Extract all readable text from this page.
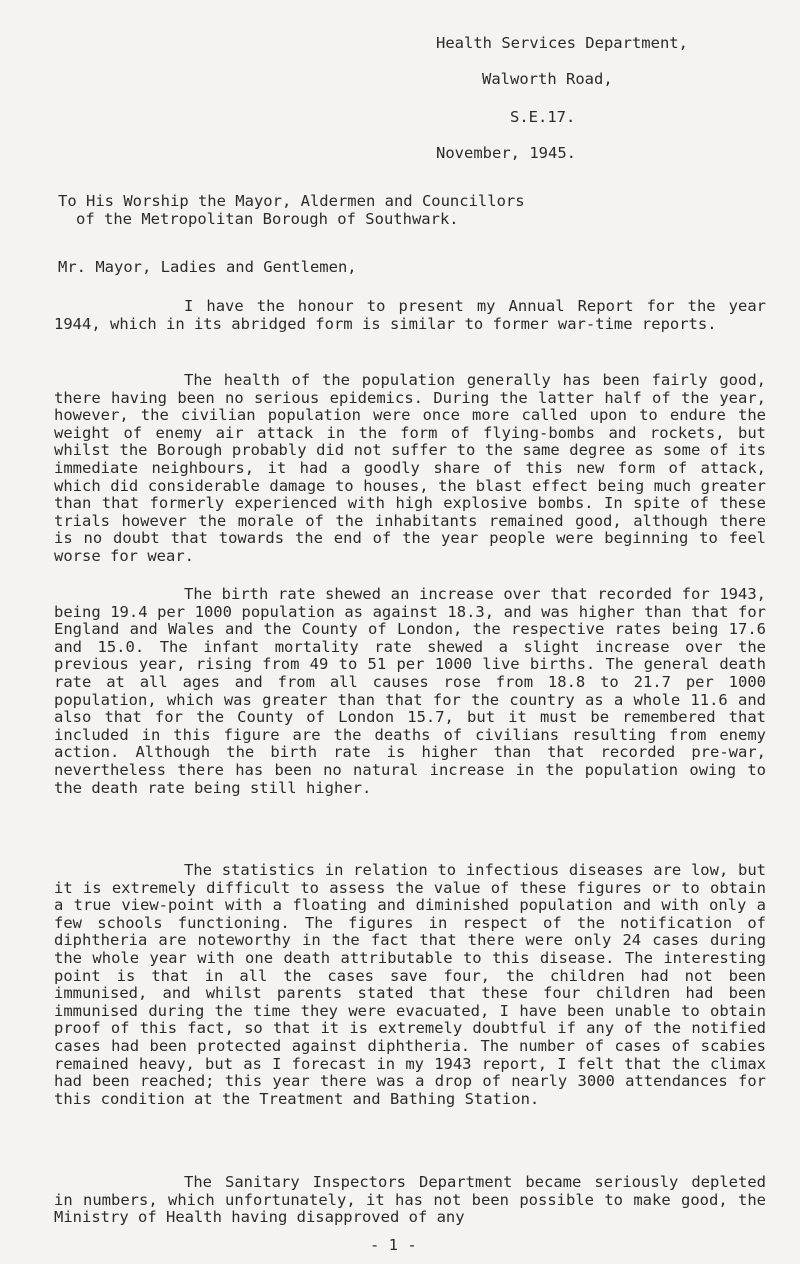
Health Services Department,
Walworth Road,
S.E.17.
November, 1945.
To His Worship the Mayor, Aldermen and Councillors
of the Metropolitan Borough of Southwark.
Mr. Mayor, Ladies and Gentlemen,
I have the honour to present my Annual Report for the year 1944, which in its abridged form is similar to former war-time reports.
The health of the population generally has been fairly good, there having been no serious epidemics. During the latter half of the year, however, the civilian population were once more called upon to endure the weight of enemy air attack in the form of flying-bombs and rockets, but whilst the Borough probably did not suffer to the same degree as some of its immediate neighbours, it had a goodly share of this new form of attack, which did considerable damage to houses, the blast effect being much greater than that formerly experienced with high explosive bombs. In spite of these trials however the morale of the inhabitants remained good, although there is no doubt that towards the end of the year people were beginning to feel worse for wear.
The birth rate shewed an increase over that recorded for 1943, being 19.4 per 1000 population as against 18.3, and was higher than that for England and Wales and the County of London, the respective rates being 17.6 and 15.0. The infant mortality rate shewed a slight increase over the previous year, rising from 49 to 51 per 1000 live births. The general death rate at all ages and from all causes rose from 18.8 to 21.7 per 1000 population, which was greater than that for the country as a whole 11.6 and also that for the County of London 15.7, but it must be remembered that included in this figure are the deaths of civilians resulting from enemy action. Although the birth rate is higher than that recorded pre-war, nevertheless there has been no natural increase in the population owing to the death rate being still higher.
The statistics in relation to infectious diseases are low, but it is extremely difficult to assess the value of these figures or to obtain a true view-point with a floating and diminished population and with only a few schools functioning. The figures in respect of the notification of diphtheria are noteworthy in the fact that there were only 24 cases during the whole year with one death attributable to this disease. The interesting point is that in all the cases save four, the children had not been immunised, and whilst parents stated that these four children had been immunised during the time they were evacuated, I have been unable to obtain proof of this fact, so that it is extremely doubtful if any of the notified cases had been protected against diphtheria. The number of cases of scabies remained heavy, but as I forecast in my 1943 report, I felt that the climax had been reached; this year there was a drop of nearly 3000 attendances for this condition at the Treatment and Bathing Station.
The Sanitary Inspectors Department became seriously depleted in numbers, which unfortunately, it has not been possible to make good, the Ministry of Health having disapproved of any
- 1 -
